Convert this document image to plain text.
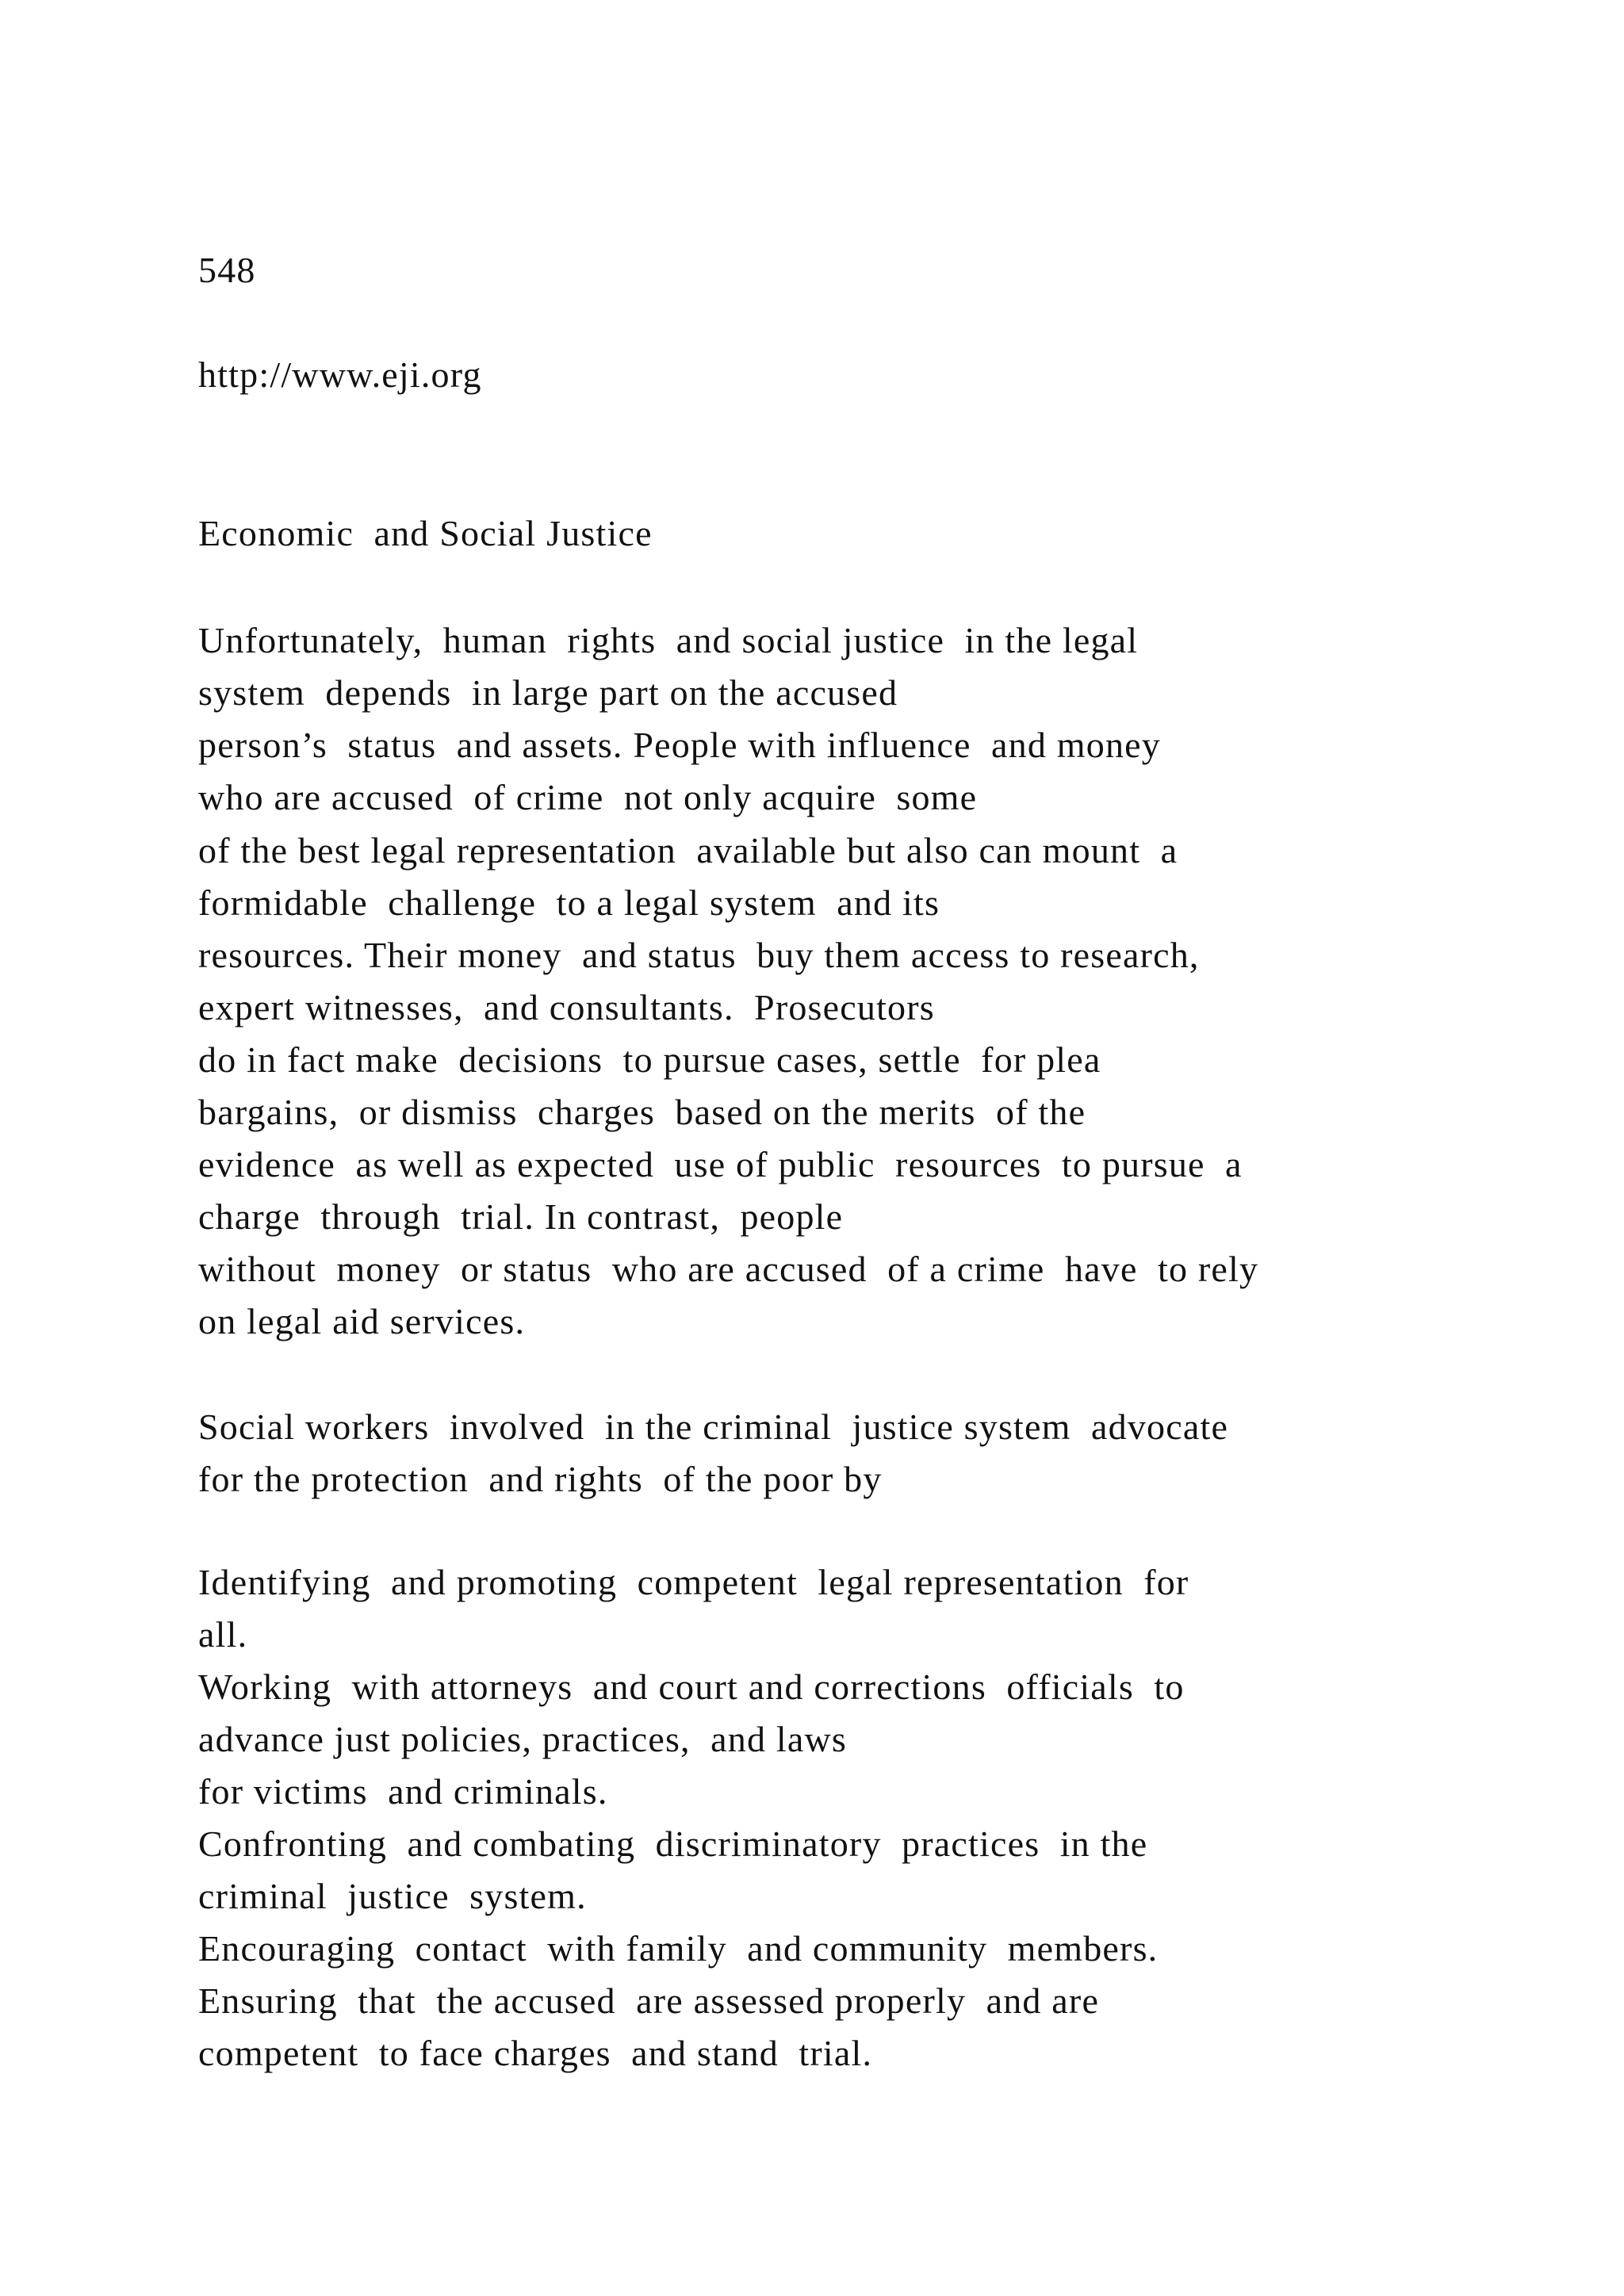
548
http://www.eji.org
Economic  and Social Justice
Unfortunately,  human  rights  and social justice  in the legal
system  depends  in large part on the accused
person’s  status  and assets. People with influence  and money
who are accused  of crime  not only acquire  some
of the best legal representation  available but also can mount  a
formidable  challenge  to a legal system  and its
resources. Their money  and status  buy them access to research,
expert witnesses,  and consultants.  Prosecutors
do in fact make  decisions  to pursue cases, settle  for plea
bargains,  or dismiss  charges  based on the merits  of the
evidence  as well as expected  use of public  resources  to pursue  a
charge  through  trial. In contrast,  people
without  money  or status  who are accused  of a crime  have  to rely
on legal aid services.
Social workers  involved  in the criminal  justice system  advocate
for the protection  and rights  of the poor by
Identifying  and promoting  competent  legal representation  for
all.
Working  with attorneys  and court and corrections  officials  to
advance just policies, practices,  and laws
for victims  and criminals.
Confronting  and combating  discriminatory  practices  in the
criminal  justice  system.
Encouraging  contact  with family  and community  members.
Ensuring  that  the accused  are assessed properly  and are
competent  to face charges  and stand  trial.
